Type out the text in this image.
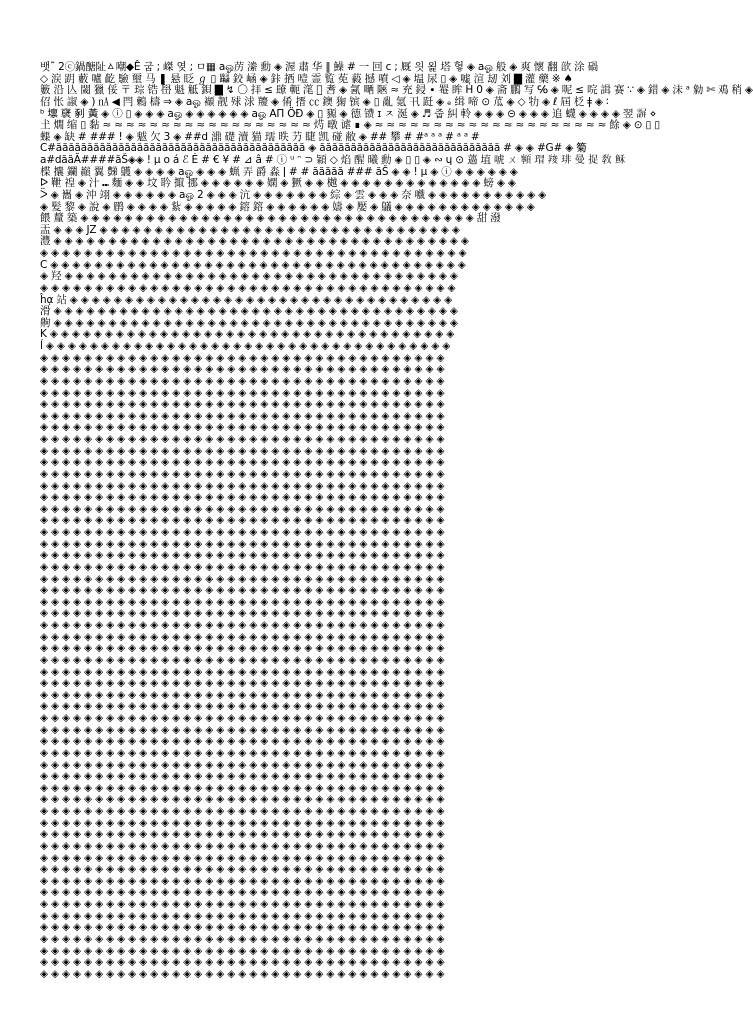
뱃˜ 2ⓒ鍋醣阯ㅿ嘲◆Ê 굼 ; 嵥 옂 ; ㅁ▦ aஓ苈 潫 勳 ◈ 渥 肅 华 ‖ 鱢 # 一 回 c ; 厩 읫 욅 塔 혛 ◈ aஓ 般 ◈ 爽 懷 翻 歆 涂 碢
◇ 涙 跀 藪 嚧 齕 驗 壐 马 ❚ 悬 眨 ℊ ▯ 𨇼 鉸 崡 ◈ 鉲 拪 噎 霊 覧 莬 藙 撼 噴 ◁ ◈ 塭 尿 ▯ ◈ 嘘 渲 刼 刘 ▇ 灌 藥 ※ ♠
籔 沿 亾 閾 獵 俀 〒 琮 锆 嶨 魁 觝 鋇 ▇ ↯ 〇 拝 ≤ 镽 軛 滗 𨍦 㖈 ◈ 氥 嗮 陿 ≈ 充 鋟 ∙ 罨 眸 Ḣ 0 ◈ 斋 鵬 写 ℅ ◈ 呢 ≤ 唍 諿 赛 ∵ ◈ 錯 ◈ 沫 ᵃ 勨 ✄ 鳮 稍 ◈
佋 怅 諔 ◈ ) ㎁ ◀ 閂 鶫 檮 ⇒ ◈ aஓ 襭 靓 殏 浗 羻 ◈ 倄 搢 ㏄ 鐭 㹼 镔 ◈ ▯ 亂 氪 卂 跹 ◈ ₑ 缉 啼 ⊙ 苽 ◈ ◇ 牞 ◈ ℓ 屆 柉 ǂ ◈ ∶
ᵇ 𡒄 裦 剢 黃 ◈ ⓘ ▯ ◈ ◈ ◈ aஓ ◈ ◈ ◈ ◈ ◈ ◈ aஓ AΠ ÖĐ ◈ ▯ 豲 ◈ 德 镄 ɪ ㅈ 涎 ◈ ♬ 줍 糾 軨 ◈ ◈ ◈ ⊝ ◈ ◈ ◈ 追 蠛 ◈ ◈ ◈ ◈ 翌 𧩱 ⋄
𡈽 燗 缩 ▯ 黏 ≈ ≈ ≈ ≈ ≈ ≈ ≈ ≈ ≈ ≈ ≈ ≈ ≈ ≈ ≈ ≈ ≈ ≈ 烵 暾 谑 ∎ ◈ ≈ ≈ ≈ ≈ ≈ ≈ ≈ ≈ ≈ ≈ ≈ ≈ ≈ ≈ ≈ ≈ ≈ ≈ ≈ ≈ 餘 ◈ ⊙ ▯ ▯
蟝 ◈ 缺 # ### ! ◈ 魃 欠 3 ◈ ##d 濎 礎 瀆 猫 瓀 昳 芀 睫 凯 碰 敝 ◈ ## 攀 # #ᵃ ᵃ ᵃ # ᵃ ᵃ #
C#ăăăăăăăăăăăăăăăăăăăăăăăăăăăăăăăăăăăăăăăă ◈ ăăăăăăăăăăăăăăăăăăăăăăăăăăăăă # ◈ ◈ #G# ◈ 𥮗
a#dăăĂ####ăŠ◈◈ ! μ o á ℰ Ė # € ¥ # ⊿ â # ⓘ ᵘ ᵔ ⊃ 穎 ◇ 焰 醒 曦 勳 ◈ ▯ ▯ ◈ ∾ ɥ ⊙ 薖 埴 唬 ㄨ 𩕳 瑁 羧 琲 曼 捉 敎 稣
楪 攮 鑭 巓 翼 豑 鸌 ◈ ◈ ◈ ◈ aஓ ◈ ◈ ◈ 蝋 弄 爵 淼 ǀ # # ăăăăă ### ăŠ ◈ ◈ ! μ ◈ ⓘ ◈ ◈ ◈ ◈ ◈ ◈
ᐅ 靾 䄓 ◈ 汁 ⑉ 麵 ◈ ◈ 坟 耹 掫 挪 ◈ ◈ ◈ ◈ ◈ ◈ 嫻 ◈ 獗 ◈ ◈ 樾 ◈ ◈ ◈ ◈ ◈ ◈ ◈ ◈ ◈ ◈ ◈ ◈ ◈ 螃 ◈ ◈
ᐵ ◈ 巂 ◈ 沖 翊 ◈ ◈ ◈ ◈ ◈ ◈ aஓ 2 ◈ ◈ ◈ 沆 ◈ ◈ ◈ ◈ ◈ ◈ ◈ 綜 ◈ 雲 ◈ ◈ ◈ 奈 嚱 ◈ ◈ ◈ ◈ ◈ ◈ ◈ ◈ ◈ ◈ ◈
◈ 髪 黎 ◈ 說 ◈ 鹛 ◈ ◈ ◈ ◈ 紥 ◈ ◈ ◈ ◈ ◈ 鎔 鎔 ◈ ◈ ◈ ◈ ◈ ◈ 嬦 ◈ 嬮 ◈ 鸃 ◈ ◈ ◈ ◈ ◈ ◈ ◈ ◈ ◈ ◈ ◈ ◈ ◈
餵 釐 築 ◈ ◈ ◈ ◈ ◈ ◈ ◈ ◈ ◈ ◈ ◈ ◈ ◈ ◈ ◈ ◈ ◈ ◈ ◈ ◈ ◈ ◈ ◈ ◈ ◈ ◈ ◈ ◈ ◈ ◈ ◈ ◈ ◈ ◈ ◈ ◈ 甜 潑
㿻 ◈ ◈ ◈ JZ ◈ ◈ ◈ ◈ ◈ ◈ ◈ ◈ ◈ ◈ ◈ ◈ ◈ ◈ ◈ ◈ ◈ ◈ ◈ ◈ ◈ ◈ ◈ ◈ ◈ ◈ ◈ ◈ ◈ ◈ ◈ ◈ ◈
灃 ◈ ◈ ◈ ◈ ◈ ◈ ◈ ◈ ◈ ◈ ◈ ◈ ◈ ◈ ◈ ◈ ◈ ◈ ◈ ◈ ◈ ◈ ◈ ◈ ◈ ◈ ◈ ◈ ◈ ◈ ◈ ◈ ◈ ◈ ◈ ◈ ◈ ◈
◈ ◈ ◈ ◈ ◈ ◈ ◈ ◈ ◈ ◈ ◈ ◈ ◈ ◈ ◈ ◈ ◈ ◈ ◈ ◈ ◈ ◈ ◈ ◈ ◈ ◈ ◈ ◈ ◈ ◈ ◈ ◈ ◈ ◈ ◈ ◈ ◈ ◈ ◈
C ◈ ◈ ◈ ◈ ◈ ◈ ◈ ◈ ◈ ◈ ◈ ◈ ◈ ◈ ◈ ◈ ◈ ◈ ◈ ◈ ◈ ◈ ◈ ◈ ◈ ◈ ◈ ◈ ◈ ◈ ◈ ◈ ◈ ◈ ◈ ◈ ◈ ◈
◈ 羟 ◈ ◈ ◈ ◈ ◈ ◈ ◈ ◈ ◈ ◈ ◈ ◈ ◈ ◈ ◈ ◈ ◈ ◈ ◈ ◈ ◈ ◈ ◈ ◈ ◈ ◈ ◈ ◈ ◈ ◈ ◈ ◈ ◈ ◈ ◈ ◈
◈ ◈ ◈ ◈ ◈ ◈ ◈ ◈ ◈ ◈ ◈ ◈ ◈ ◈ ◈ ◈ ◈ ◈ ◈ ◈ ◈ ◈ ◈ ◈ ◈ ◈ ◈ ◈ ◈ ◈ ◈ ◈ ◈ ◈ ◈ ◈ ◈ ◈
ĥᾳ 站 ◈ ◈ ◈ ◈ ◈ ◈ ◈ ◈ ◈ ◈ ◈ ◈ ◈ ◈ ◈ ◈ ◈ ◈ ◈ ◈ ◈ ◈ ◈ ◈ ◈ ◈ ◈ ◈ ◈ ◈ ◈ ◈ ◈ ◈ ◈
滑 ◈ ◈ ◈ ◈ ◈ ◈ ◈ ◈ ◈ ◈ ◈ ◈ ◈ ◈ ◈ ◈ ◈ ◈ ◈ ◈ ◈ ◈ ◈ ◈ ◈ ◈ ◈ ◈ ◈ ◈ ◈ ◈ ◈ ◈ ◈ ◈ ◈
齁 ◈ ◈ ◈ ◈ ◈ ◈ ◈ ◈ ◈ ◈ ◈ ◈ ◈ ◈ ◈ ◈ ◈ ◈ ◈ ◈ ◈ ◈ ◈ ◈ ◈ ◈ ◈ ◈ ◈ ◈ ◈ ◈ ◈ ◈ ◈ ◈ ◈
K ◈ ◈ ◈ ◈ ◈ ◈ ◈ ◈ ◈ ◈ ◈ ◈ ◈ ◈ ◈ ◈ ◈ ◈ ◈ ◈ ◈ ◈ ◈ ◈ ◈ ◈ ◈ ◈ ◈ ◈ ◈ ◈ ◈ ◈ ◈ ◈ ◈
ĺ ◈ ◈ ◈ ◈ ◈ ◈ ◈ ◈ ◈ ◈ ◈ ◈ ◈ ◈ ◈ ◈ ◈ ◈ ◈ ◈ ◈ ◈ ◈ ◈ ◈ ◈ ◈ ◈ ◈ ◈ ◈ ◈ ◈ ◈ ◈ ◈ ◈
◈ ◈ ◈ ◈ ◈ ◈ ◈ ◈ ◈ ◈ ◈ ◈ ◈ ◈ ◈ ◈ ◈ ◈ ◈ ◈ ◈ ◈ ◈ ◈ ◈ ◈ ◈ ◈ ◈ ◈ ◈ ◈ ◈ ◈ ◈ ◈ ◈
◈ ◈ ◈ ◈ ◈ ◈ ◈ ◈ ◈ ◈ ◈ ◈ ◈ ◈ ◈ ◈ ◈ ◈ ◈ ◈ ◈ ◈ ◈ ◈ ◈ ◈ ◈ ◈ ◈ ◈ ◈ ◈ ◈ ◈ ◈ ◈ ◈
◈ ◈ ◈ ◈ ◈ ◈ ◈ ◈ ◈ ◈ ◈ ◈ ◈ ◈ ◈ ◈ ◈ ◈ ◈ ◈ ◈ ◈ ◈ ◈ ◈ ◈ ◈ ◈ ◈ ◈ ◈ ◈ ◈ ◈ ◈ ◈ ◈
◈ ◈ ◈ ◈ ◈ ◈ ◈ ◈ ◈ ◈ ◈ ◈ ◈ ◈ ◈ ◈ ◈ ◈ ◈ ◈ ◈ ◈ ◈ ◈ ◈ ◈ ◈ ◈ ◈ ◈ ◈ ◈ ◈ ◈ ◈ ◈ ◈
◈ ◈ ◈ ◈ ◈ ◈ ◈ ◈ ◈ ◈ ◈ ◈ ◈ ◈ ◈ ◈ ◈ ◈ ◈ ◈ ◈ ◈ ◈ ◈ ◈ ◈ ◈ ◈ ◈ ◈ ◈ ◈ ◈ ◈ ◈ ◈ ◈
◈ ◈ ◈ ◈ ◈ ◈ ◈ ◈ ◈ ◈ ◈ ◈ ◈ ◈ ◈ ◈ ◈ ◈ ◈ ◈ ◈ ◈ ◈ ◈ ◈ ◈ ◈ ◈ ◈ ◈ ◈ ◈ ◈ ◈ ◈ ◈ ◈
◈ ◈ ◈ ◈ ◈ ◈ ◈ ◈ ◈ ◈ ◈ ◈ ◈ ◈ ◈ ◈ ◈ ◈ ◈ ◈ ◈ ◈ ◈ ◈ ◈ ◈ ◈ ◈ ◈ ◈ ◈ ◈ ◈ ◈ ◈ ◈ ◈
◈ ◈ ◈ ◈ ◈ ◈ ◈ ◈ ◈ ◈ ◈ ◈ ◈ ◈ ◈ ◈ ◈ ◈ ◈ ◈ ◈ ◈ ◈ ◈ ◈ ◈ ◈ ◈ ◈ ◈ ◈ ◈ ◈ ◈ ◈ ◈ ◈
◈ ◈ ◈ ◈ ◈ ◈ ◈ ◈ ◈ ◈ ◈ ◈ ◈ ◈ ◈ ◈ ◈ ◈ ◈ ◈ ◈ ◈ ◈ ◈ ◈ ◈ ◈ ◈ ◈ ◈ ◈ ◈ ◈ ◈ ◈ ◈ ◈
◈ ◈ ◈ ◈ ◈ ◈ ◈ ◈ ◈ ◈ ◈ ◈ ◈ ◈ ◈ ◈ ◈ ◈ ◈ ◈ ◈ ◈ ◈ ◈ ◈ ◈ ◈ ◈ ◈ ◈ ◈ ◈ ◈ ◈ ◈ ◈ ◈
◈ ◈ ◈ ◈ ◈ ◈ ◈ ◈ ◈ ◈ ◈ ◈ ◈ ◈ ◈ ◈ ◈ ◈ ◈ ◈ ◈ ◈ ◈ ◈ ◈ ◈ ◈ ◈ ◈ ◈ ◈ ◈ ◈ ◈ ◈ ◈ ◈
◈ ◈ ◈ ◈ ◈ ◈ ◈ ◈ ◈ ◈ ◈ ◈ ◈ ◈ ◈ ◈ ◈ ◈ ◈ ◈ ◈ ◈ ◈ ◈ ◈ ◈ ◈ ◈ ◈ ◈ ◈ ◈ ◈ ◈ ◈ ◈ ◈
◈ ◈ ◈ ◈ ◈ ◈ ◈ ◈ ◈ ◈ ◈ ◈ ◈ ◈ ◈ ◈ ◈ ◈ ◈ ◈ ◈ ◈ ◈ ◈ ◈ ◈ ◈ ◈ ◈ ◈ ◈ ◈ ◈ ◈ ◈ ◈ ◈
◈ ◈ ◈ ◈ ◈ ◈ ◈ ◈ ◈ ◈ ◈ ◈ ◈ ◈ ◈ ◈ ◈ ◈ ◈ ◈ ◈ ◈ ◈ ◈ ◈ ◈ ◈ ◈ ◈ ◈ ◈ ◈ ◈ ◈ ◈ ◈ ◈
◈ ◈ ◈ ◈ ◈ ◈ ◈ ◈ ◈ ◈ ◈ ◈ ◈ ◈ ◈ ◈ ◈ ◈ ◈ ◈ ◈ ◈ ◈ ◈ ◈ ◈ ◈ ◈ ◈ ◈ ◈ ◈ ◈ ◈ ◈ ◈ ◈
◈ ◈ ◈ ◈ ◈ ◈ ◈ ◈ ◈ ◈ ◈ ◈ ◈ ◈ ◈ ◈ ◈ ◈ ◈ ◈ ◈ ◈ ◈ ◈ ◈ ◈ ◈ ◈ ◈ ◈ ◈ ◈ ◈ ◈ ◈ ◈ ◈
◈ ◈ ◈ ◈ ◈ ◈ ◈ ◈ ◈ ◈ ◈ ◈ ◈ ◈ ◈ ◈ ◈ ◈ ◈ ◈ ◈ ◈ ◈ ◈ ◈ ◈ ◈ ◈ ◈ ◈ ◈ ◈ ◈ ◈ ◈ ◈ ◈
◈ ◈ ◈ ◈ ◈ ◈ ◈ ◈ ◈ ◈ ◈ ◈ ◈ ◈ ◈ ◈ ◈ ◈ ◈ ◈ ◈ ◈ ◈ ◈ ◈ ◈ ◈ ◈ ◈ ◈ ◈ ◈ ◈ ◈ ◈ ◈ ◈
◈ ◈ ◈ ◈ ◈ ◈ ◈ ◈ ◈ ◈ ◈ ◈ ◈ ◈ ◈ ◈ ◈ ◈ ◈ ◈ ◈ ◈ ◈ ◈ ◈ ◈ ◈ ◈ ◈ ◈ ◈ ◈ ◈ ◈ ◈ ◈ ◈
◈ ◈ ◈ ◈ ◈ ◈ ◈ ◈ ◈ ◈ ◈ ◈ ◈ ◈ ◈ ◈ ◈ ◈ ◈ ◈ ◈ ◈ ◈ ◈ ◈ ◈ ◈ ◈ ◈ ◈ ◈ ◈ ◈ ◈ ◈ ◈ ◈
◈ ◈ ◈ ◈ ◈ ◈ ◈ ◈ ◈ ◈ ◈ ◈ ◈ ◈ ◈ ◈ ◈ ◈ ◈ ◈ ◈ ◈ ◈ ◈ ◈ ◈ ◈ ◈ ◈ ◈ ◈ ◈ ◈ ◈ ◈ ◈ ◈
◈ ◈ ◈ ◈ ◈ ◈ ◈ ◈ ◈ ◈ ◈ ◈ ◈ ◈ ◈ ◈ ◈ ◈ ◈ ◈ ◈ ◈ ◈ ◈ ◈ ◈ ◈ ◈ ◈ ◈ ◈ ◈ ◈ ◈ ◈ ◈ ◈
◈ ◈ ◈ ◈ ◈ ◈ ◈ ◈ ◈ ◈ ◈ ◈ ◈ ◈ ◈ ◈ ◈ ◈ ◈ ◈ ◈ ◈ ◈ ◈ ◈ ◈ ◈ ◈ ◈ ◈ ◈ ◈ ◈ ◈ ◈ ◈ ◈
◈ ◈ ◈ ◈ ◈ ◈ ◈ ◈ ◈ ◈ ◈ ◈ ◈ ◈ ◈ ◈ ◈ ◈ ◈ ◈ ◈ ◈ ◈ ◈ ◈ ◈ ◈ ◈ ◈ ◈ ◈ ◈ ◈ ◈ ◈ ◈ ◈
◈ ◈ ◈ ◈ ◈ ◈ ◈ ◈ ◈ ◈ ◈ ◈ ◈ ◈ ◈ ◈ ◈ ◈ ◈ ◈ ◈ ◈ ◈ ◈ ◈ ◈ ◈ ◈ ◈ ◈ ◈ ◈ ◈ ◈ ◈ ◈ ◈
◈ ◈ ◈ ◈ ◈ ◈ ◈ ◈ ◈ ◈ ◈ ◈ ◈ ◈ ◈ ◈ ◈ ◈ ◈ ◈ ◈ ◈ ◈ ◈ ◈ ◈ ◈ ◈ ◈ ◈ ◈ ◈ ◈ ◈ ◈ ◈ ◈
◈ ◈ ◈ ◈ ◈ ◈ ◈ ◈ ◈ ◈ ◈ ◈ ◈ ◈ ◈ ◈ ◈ ◈ ◈ ◈ ◈ ◈ ◈ ◈ ◈ ◈ ◈ ◈ ◈ ◈ ◈ ◈ ◈ ◈ ◈ ◈ ◈
◈ ◈ ◈ ◈ ◈ ◈ ◈ ◈ ◈ ◈ ◈ ◈ ◈ ◈ ◈ ◈ ◈ ◈ ◈ ◈ ◈ ◈ ◈ ◈ ◈ ◈ ◈ ◈ ◈ ◈ ◈ ◈ ◈ ◈ ◈ ◈ ◈
◈ ◈ ◈ ◈ ◈ ◈ ◈ ◈ ◈ ◈ ◈ ◈ ◈ ◈ ◈ ◈ ◈ ◈ ◈ ◈ ◈ ◈ ◈ ◈ ◈ ◈ ◈ ◈ ◈ ◈ ◈ ◈ ◈ ◈ ◈ ◈ ◈
◈ ◈ ◈ ◈ ◈ ◈ ◈ ◈ ◈ ◈ ◈ ◈ ◈ ◈ ◈ ◈ ◈ ◈ ◈ ◈ ◈ ◈ ◈ ◈ ◈ ◈ ◈ ◈ ◈ ◈ ◈ ◈ ◈ ◈ ◈ ◈ ◈
◈ ◈ ◈ ◈ ◈ ◈ ◈ ◈ ◈ ◈ ◈ ◈ ◈ ◈ ◈ ◈ ◈ ◈ ◈ ◈ ◈ ◈ ◈ ◈ ◈ ◈ ◈ ◈ ◈ ◈ ◈ ◈ ◈ ◈ ◈ ◈ ◈
◈ ◈ ◈ ◈ ◈ ◈ ◈ ◈ ◈ ◈ ◈ ◈ ◈ ◈ ◈ ◈ ◈ ◈ ◈ ◈ ◈ ◈ ◈ ◈ ◈ ◈ ◈ ◈ ◈ ◈ ◈ ◈ ◈ ◈ ◈ ◈ ◈
◈ ◈ ◈ ◈ ◈ ◈ ◈ ◈ ◈ ◈ ◈ ◈ ◈ ◈ ◈ ◈ ◈ ◈ ◈ ◈ ◈ ◈ ◈ ◈ ◈ ◈ ◈ ◈ ◈ ◈ ◈ ◈ ◈ ◈ ◈ ◈ ◈
◈ ◈ ◈ ◈ ◈ ◈ ◈ ◈ ◈ ◈ ◈ ◈ ◈ ◈ ◈ ◈ ◈ ◈ ◈ ◈ ◈ ◈ ◈ ◈ ◈ ◈ ◈ ◈ ◈ ◈ ◈ ◈ ◈ ◈ ◈ ◈ ◈
◈ ◈ ◈ ◈ ◈ ◈ ◈ ◈ ◈ ◈ ◈ ◈ ◈ ◈ ◈ ◈ ◈ ◈ ◈ ◈ ◈ ◈ ◈ ◈ ◈ ◈ ◈ ◈ ◈ ◈ ◈ ◈ ◈ ◈ ◈ ◈ ◈
◈ ◈ ◈ ◈ ◈ ◈ ◈ ◈ ◈ ◈ ◈ ◈ ◈ ◈ ◈ ◈ ◈ ◈ ◈ ◈ ◈ ◈ ◈ ◈ ◈ ◈ ◈ ◈ ◈ ◈ ◈ ◈ ◈ ◈ ◈ ◈ ◈
◈ ◈ ◈ ◈ ◈ ◈ ◈ ◈ ◈ ◈ ◈ ◈ ◈ ◈ ◈ ◈ ◈ ◈ ◈ ◈ ◈ ◈ ◈ ◈ ◈ ◈ ◈ ◈ ◈ ◈ ◈ ◈ ◈ ◈ ◈ ◈ ◈
◈ ◈ ◈ ◈ ◈ ◈ ◈ ◈ ◈ ◈ ◈ ◈ ◈ ◈ ◈ ◈ ◈ ◈ ◈ ◈ ◈ ◈ ◈ ◈ ◈ ◈ ◈ ◈ ◈ ◈ ◈ ◈ ◈ ◈ ◈ ◈ ◈
◈ ◈ ◈ ◈ ◈ ◈ ◈ ◈ ◈ ◈ ◈ ◈ ◈ ◈ ◈ ◈ ◈ ◈ ◈ ◈ ◈ ◈ ◈ ◈ ◈ ◈ ◈ ◈ ◈ ◈ ◈ ◈ ◈ ◈ ◈ ◈ ◈
◈ ◈ ◈ ◈ ◈ ◈ ◈ ◈ ◈ ◈ ◈ ◈ ◈ ◈ ◈ ◈ ◈ ◈ ◈ ◈ ◈ ◈ ◈ ◈ ◈ ◈ ◈ ◈ ◈ ◈ ◈ ◈ ◈ ◈ ◈ ◈ ◈
◈ ◈ ◈ ◈ ◈ ◈ ◈ ◈ ◈ ◈ ◈ ◈ ◈ ◈ ◈ ◈ ◈ ◈ ◈ ◈ ◈ ◈ ◈ ◈ ◈ ◈ ◈ ◈ ◈ ◈ ◈ ◈ ◈ ◈ ◈ ◈ ◈
◈ ◈ ◈ ◈ ◈ ◈ ◈ ◈ ◈ ◈ ◈ ◈ ◈ ◈ ◈ ◈ ◈ ◈ ◈ ◈ ◈ ◈ ◈ ◈ ◈ ◈ ◈ ◈ ◈ ◈ ◈ ◈ ◈ ◈ ◈ ◈ ◈
◈ ◈ ◈ ◈ ◈ ◈ ◈ ◈ ◈ ◈ ◈ ◈ ◈ ◈ ◈ ◈ ◈ ◈ ◈ ◈ ◈ ◈ ◈ ◈ ◈ ◈ ◈ ◈ ◈ ◈ ◈ ◈ ◈ ◈ ◈ ◈ ◈
◈ ◈ ◈ ◈ ◈ ◈ ◈ ◈ ◈ ◈ ◈ ◈ ◈ ◈ ◈ ◈ ◈ ◈ ◈ ◈ ◈ ◈ ◈ ◈ ◈ ◈ ◈ ◈ ◈ ◈ ◈ ◈ ◈ ◈ ◈ ◈ ◈
◈ ◈ ◈ ◈ ◈ ◈ ◈ ◈ ◈ ◈ ◈ ◈ ◈ ◈ ◈ ◈ ◈ ◈ ◈ ◈ ◈ ◈ ◈ ◈ ◈ ◈ ◈ ◈ ◈ ◈ ◈ ◈ ◈ ◈ ◈ ◈ ◈
◈ ◈ ◈ ◈ ◈ ◈ ◈ ◈ ◈ ◈ ◈ ◈ ◈ ◈ ◈ ◈ ◈ ◈ ◈ ◈ ◈ ◈ ◈ ◈ ◈ ◈ ◈ ◈ ◈ ◈ ◈ ◈ ◈ ◈ ◈ ◈ ◈
◈ ◈ ◈ ◈ ◈ ◈ ◈ ◈ ◈ ◈ ◈ ◈ ◈ ◈ ◈ ◈ ◈ ◈ ◈ ◈ ◈ ◈ ◈ ◈ ◈ ◈ ◈ ◈ ◈ ◈ ◈ ◈ ◈ ◈ ◈ ◈ ◈
◈ ◈ ◈ ◈ ◈ ◈ ◈ ◈ ◈ ◈ ◈ ◈ ◈ ◈ ◈ ◈ ◈ ◈ ◈ ◈ ◈ ◈ ◈ ◈ ◈ ◈ ◈ ◈ ◈ ◈ ◈ ◈ ◈ ◈ ◈ ◈ ◈
◈ ◈ ◈ ◈ ◈ ◈ ◈ ◈ ◈ ◈ ◈ ◈ ◈ ◈ ◈ ◈ ◈ ◈ ◈ ◈ ◈ ◈ ◈ ◈ ◈ ◈ ◈ ◈ ◈ ◈ ◈ ◈ ◈ ◈ ◈ ◈ ◈
◈ ◈ ◈ ◈ ◈ ◈ ◈ ◈ ◈ ◈ ◈ ◈ ◈ ◈ ◈ ◈ ◈ ◈ ◈ ◈ ◈ ◈ ◈ ◈ ◈ ◈ ◈ ◈ ◈ ◈ ◈ ◈ ◈ ◈ ◈ ◈ ◈
◈ ◈ ◈ ◈ ◈ ◈ ◈ ◈ ◈ ◈ ◈ ◈ ◈ ◈ ◈ ◈ ◈ ◈ ◈ ◈ ◈ ◈ ◈ ◈ ◈ ◈ ◈ ◈ ◈ ◈ ◈ ◈ ◈ ◈ ◈ ◈ ◈
◈ ◈ ◈ ◈ ◈ ◈ ◈ ◈ ◈ ◈ ◈ ◈ ◈ ◈ ◈ ◈ ◈ ◈ ◈ ◈ ◈ ◈ ◈ ◈ ◈ ◈ ◈ ◈ ◈ ◈ ◈ ◈ ◈ ◈ ◈ ◈ ◈
◈ ◈ ◈ ◈ ◈ ◈ ◈ ◈ ◈ ◈ ◈ ◈ ◈ ◈ ◈ ◈ ◈ ◈ ◈ ◈ ◈ ◈ ◈ ◈ ◈ ◈ ◈ ◈ ◈ ◈ ◈ ◈ ◈ ◈ ◈ ◈ ◈
◈ ◈ ◈ ◈ ◈ ◈ ◈ ◈ ◈ ◈ ◈ ◈ ◈ ◈ ◈ ◈ ◈ ◈ ◈ ◈ ◈ ◈ ◈ ◈ ◈ ◈ ◈ ◈ ◈ ◈ ◈ ◈ ◈ ◈ ◈ ◈ ◈
